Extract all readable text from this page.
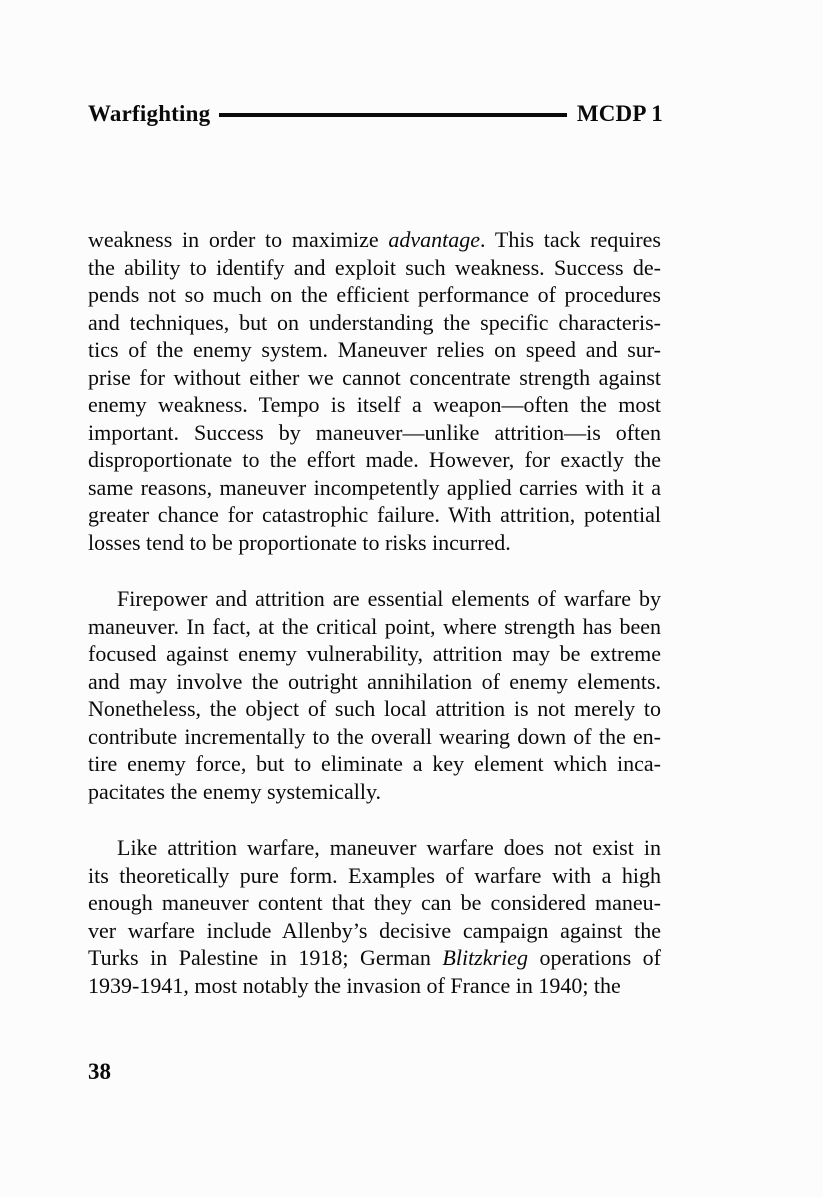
Warfighting	MCDP 1
weakness in order to maximize advantage. This tack requires
the ability to identify and exploit such weakness. Success de-
pends not so much on the efficient performance of procedures
and techniques, but on understanding the specific characteris-
tics of the enemy system. Maneuver relies on speed and sur-
prise for without either we cannot concentrate strength against
enemy weakness. Tempo is itself a weapon—often the most
important. Success by maneuver—unlike attrition—is often
disproportionate to the effort made. However, for exactly the
same reasons, maneuver incompetently applied carries with it a
greater chance for catastrophic failure. With attrition, potential
losses tend to be proportionate to risks incurred.
Firepower and attrition are essential elements of warfare by
maneuver. In fact, at the critical point, where strength has been
focused against enemy vulnerability, attrition may be extreme
and may involve the outright annihilation of enemy elements.
Nonetheless, the object of such local attrition is not merely to
contribute incrementally to the overall wearing down of the en-
tire enemy force, but to eliminate a key element which inca-
pacitates the enemy systemically.
Like attrition warfare, maneuver warfare does not exist in
its theoretically pure form. Examples of warfare with a high
enough maneuver content that they can be considered maneu-
ver warfare include Allenby’s decisive campaign against the
Turks in Palestine in 1918; German Blitzkrieg operations of
1939-1941, most notably the invasion of France in 1940; the
38
